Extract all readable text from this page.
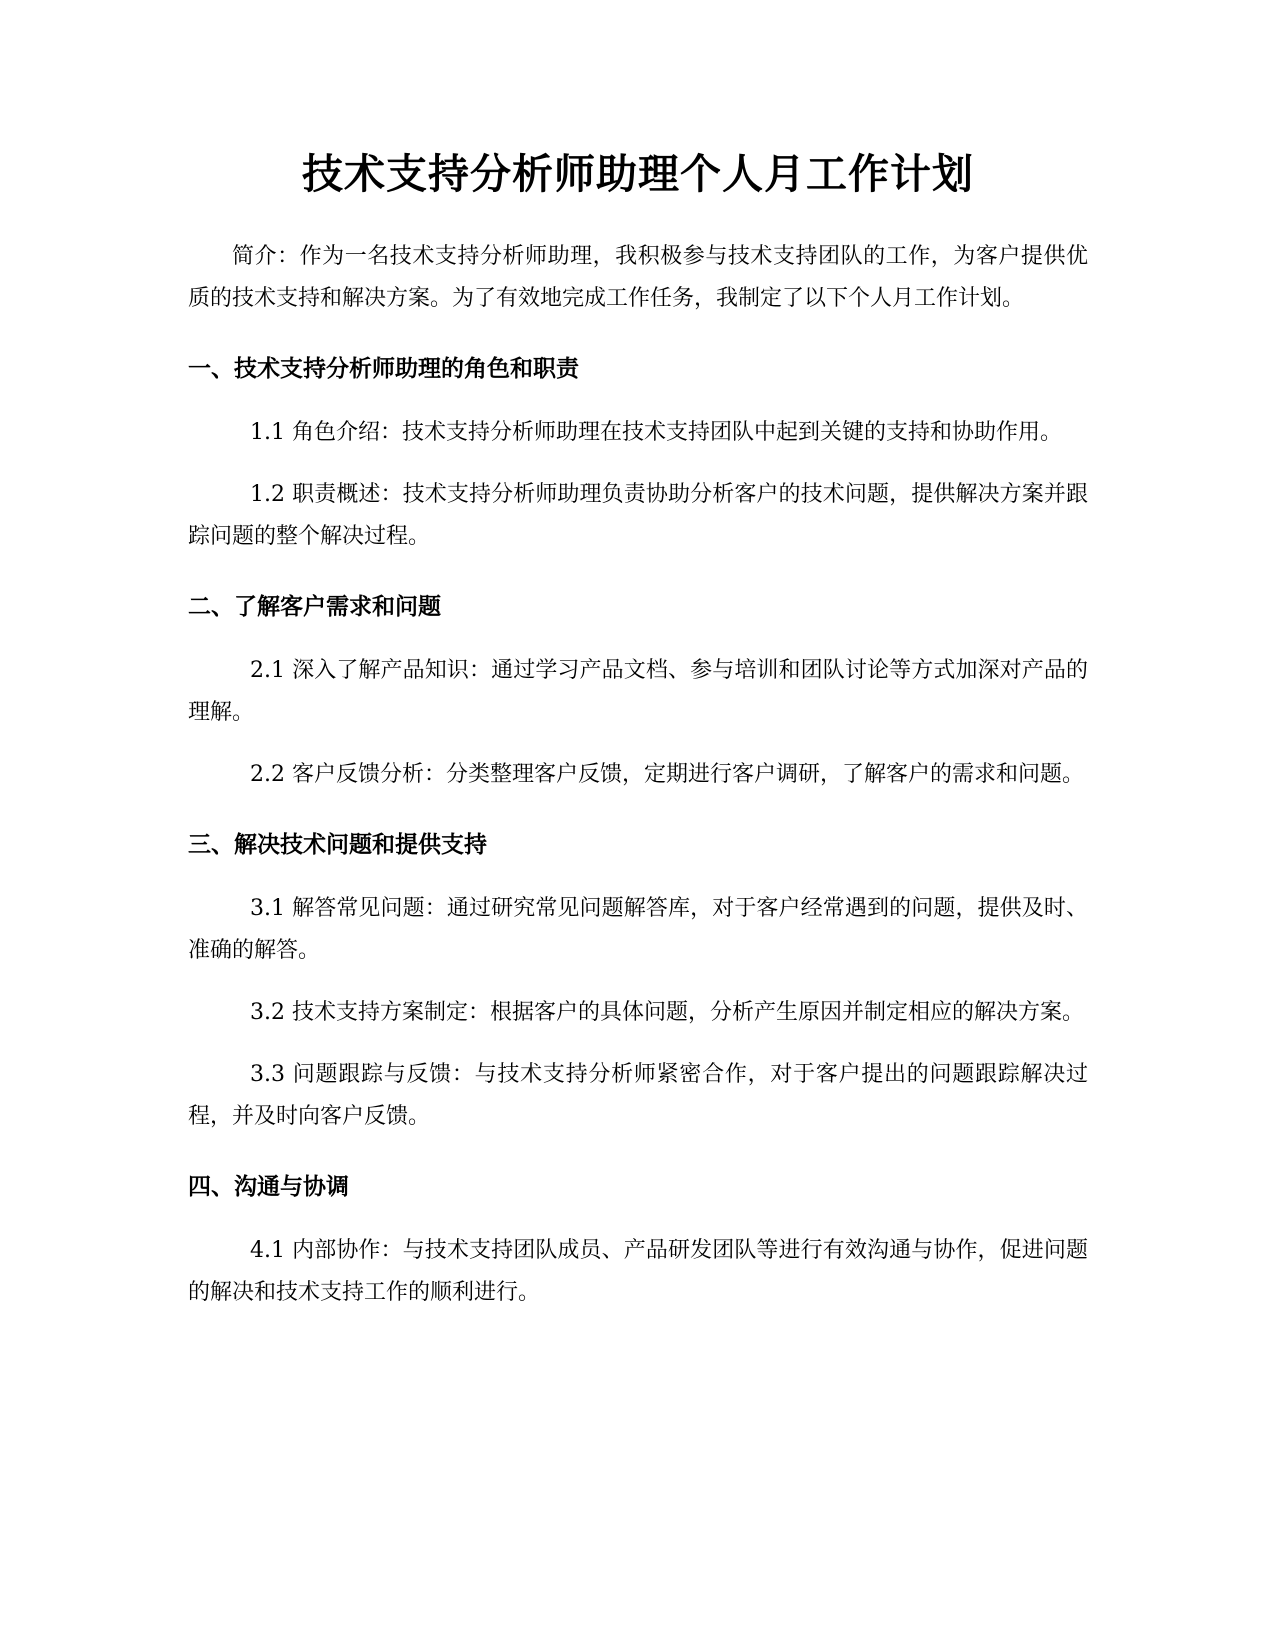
技术支持分析师助理个人月工作计划

简介：作为一名技术支持分析师助理，我积极参与技术支持团队的工作，为客户提供优质的技术支持和解决方案。为了有效地完成工作任务，我制定了以下个人月工作计划。

一、技术支持分析师助理的角色和职责

1.1 角色介绍：技术支持分析师助理在技术支持团队中起到关键的支持和协助作用。

1.2 职责概述：技术支持分析师助理负责协助分析客户的技术问题，提供解决方案并跟踪问题的整个解决过程。

二、了解客户需求和问题

2.1 深入了解产品知识：通过学习产品文档、参与培训和团队讨论等方式加深对产品的理解。

2.2 客户反馈分析：分类整理客户反馈，定期进行客户调研，了解客户的需求和问题。

三、解决技术问题和提供支持

3.1 解答常见问题：通过研究常见问题解答库，对于客户经常遇到的问题，提供及时、准确的解答。

3.2 技术支持方案制定：根据客户的具体问题，分析产生原因并制定相应的解决方案。

3.3 问题跟踪与反馈：与技术支持分析师紧密合作，对于客户提出的问题跟踪解决过程，并及时向客户反馈。

四、沟通与协调

4.1 内部协作：与技术支持团队成员、产品研发团队等进行有效沟通与协作，促进问题的解决和技术支持工作的顺利进行。
